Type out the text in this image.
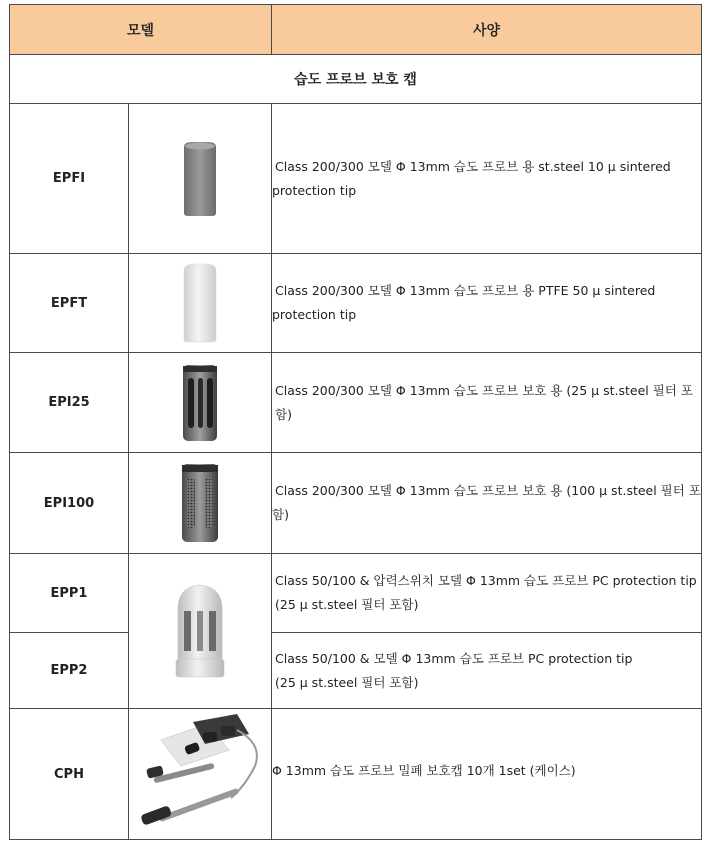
모델		사양
습도 프로브 보호 캡		
EPFI		Class 200/300 모델 Φ 13mm 습도 프로브 용 st.steel 10 μ sintered
protection tip

EPFT		Class 200/300 모델 Φ 13mm 습도 프로브 용 PTFE 50 μ sintered
protection tip

EPI25		Class 200/300 모델 Φ 13mm 습도 프로브 보호 용 (25 μ st.steel 필터 포함)

EPI100		Class 200/300 모델 Φ 13mm 습도 프로브 보호 용 (100 μ st.steel 필터 포
함)

EPP1		Class 50/100 & 압력스위치 모델 Φ 13mm 습도 프로브 PC protection tip
(25 μ st.steel 필터 포함)

EPP2		Class 50/100 & 모델 Φ 13mm 습도 프로브 PC protection tip
(25 μ st.steel 필터 포함)

CPH		Φ 13mm 습도 프로브 밀폐 보호캡 10개 1set (케이스)
